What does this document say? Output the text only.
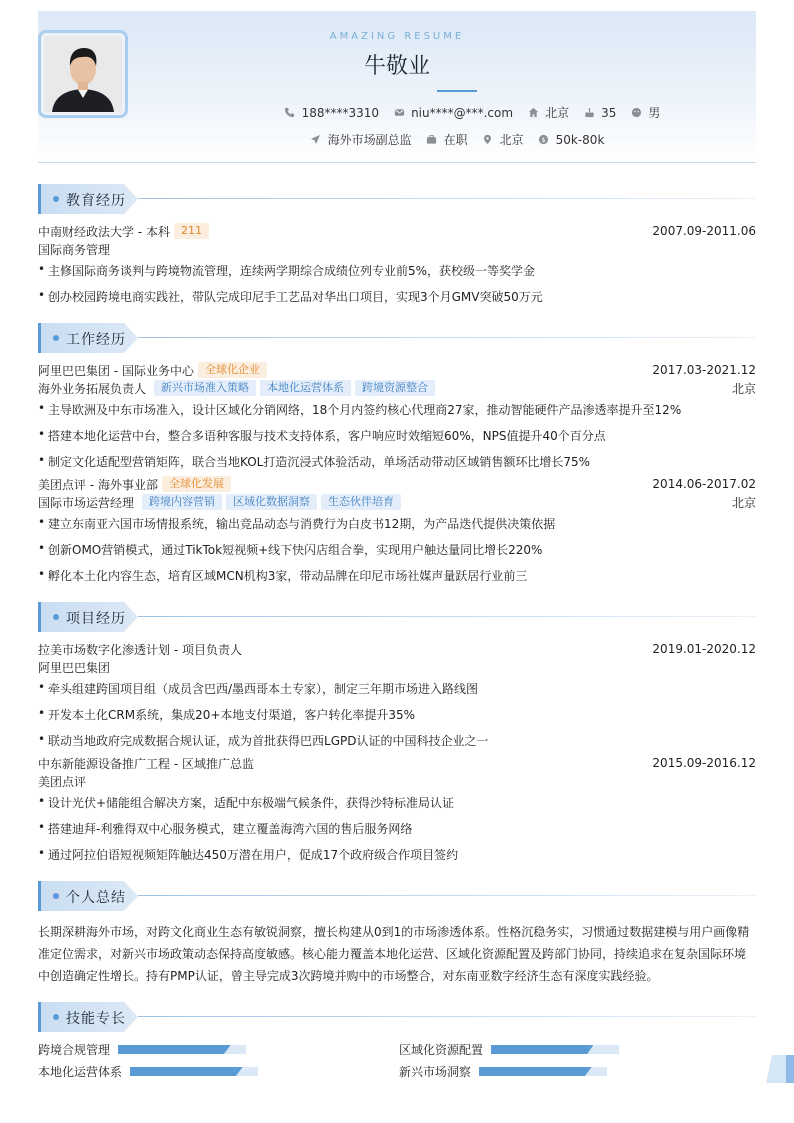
AMAZING RESUME
牛敬业
188****3310	niu****@***.com	北京	35	男
海外市场副总监	在职	北京	$ 50k-80k
教育经历
中南财经政法大学 - 本科	211	2007.09-2011.06
国际商务管理
• 主修国际商务谈判与跨境物流管理，连续两学期综合成绩位列专业前5%，获校级一等奖学金
• 创办校园跨境电商实践社，带队完成印尼手工艺品对华出口项目，实现3个月GMV突破50万元
工作经历
阿里巴巴集团 - 国际业务中心	全球化企业	2017.03-2021.12
海外业务拓展负责人	新兴市场准入策略	本地化运营体系	跨境资源整合	北京
• 主导欧洲及中东市场准入，设计区域化分销网络，18个月内签约核心代理商27家，推动智能硬件产品渗透率提升至12%
• 搭建本地化运营中台，整合多语种客服与技术支持体系，客户响应时效缩短60%，NPS值提升40个百分点
• 制定文化适配型营销矩阵，联合当地KOL打造沉浸式体验活动，单场活动带动区域销售额环比增长75%
美团点评 - 海外事业部	全球化发展	2014.06-2017.02
国际市场运营经理	跨境内容营销	区域化数据洞察	生态伙伴培育	北京
• 建立东南亚六国市场情报系统，输出竞品动态与消费行为白皮书12期，为产品迭代提供决策依据
• 创新OMO营销模式，通过TikTok短视频+线下快闪店组合拳，实现用户触达量同比增长220%
• 孵化本土化内容生态，培育区域MCN机构3家，带动品牌在印尼市场社媒声量跃居行业前三
项目经历
拉美市场数字化渗透计划 - 项目负责人	2019.01-2020.12
阿里巴巴集团
• 牵头组建跨国项目组（成员含巴西/墨西哥本土专家），制定三年期市场进入路线图
• 开发本土化CRM系统，集成20+本地支付渠道，客户转化率提升35%
• 联动当地政府完成数据合规认证，成为首批获得巴西LGPD认证的中国科技企业之一
中东新能源设备推广工程 - 区域推广总监	2015.09-2016.12
美团点评
• 设计光伏+储能组合解决方案，适配中东极端气候条件，获得沙特标准局认证
• 搭建迪拜-利雅得双中心服务模式，建立覆盖海湾六国的售后服务网络
• 通过阿拉伯语短视频矩阵触达450万潜在用户，促成17个政府级合作项目签约
个人总结
长期深耕海外市场，对跨文化商业生态有敏锐洞察，擅长构建从0到1的市场渗透体系。性格沉稳务实，习惯通过数据建模与用户画像精准定位需求，对新兴市场政策动态保持高度敏感。核心能力覆盖本地化运营、区域化资源配置及跨部门协同，持续追求在复杂国际环境中创造确定性增长。持有PMP认证，曾主导完成3次跨境并购中的市场整合，对东南亚数字经济生态有深度实践经验。
技能专长
跨境合规管理	区域化资源配置
本地化运营体系	新兴市场洞察
